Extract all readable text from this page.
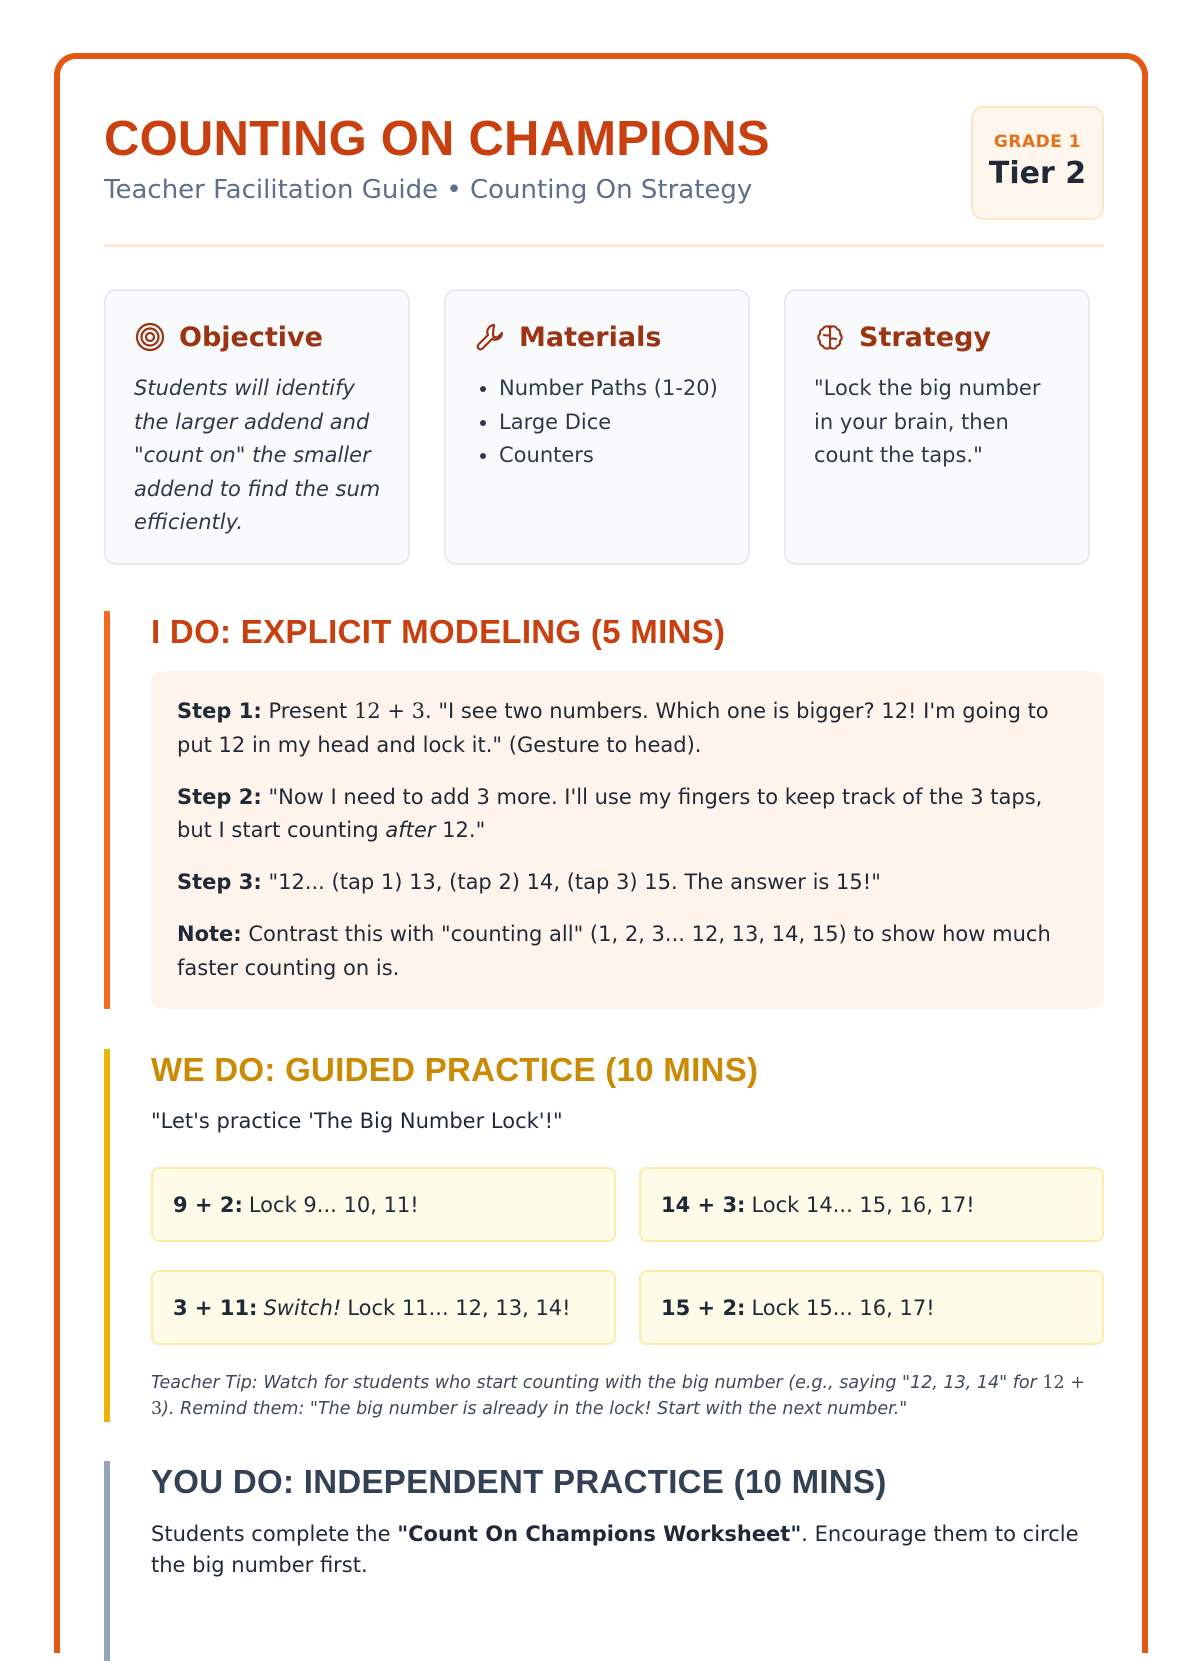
COUNTING ON CHAMPIONS
Teacher Facilitation Guide • Counting On Strategy
GRADE 1
Tier 2
Objective
Students will identify the larger addend and "count on" the smaller addend to find the sum efficiently.
Materials
• Number Paths (1-20)
• Large Dice
• Counters
Strategy
"Lock the big number in your brain, then count the taps."
I DO: EXPLICIT MODELING (5 MINS)
Step 1: Present 12 + 3. "I see two numbers. Which one is bigger? 12! I'm going to put 12 in my head and lock it." (Gesture to head).
Step 2: "Now I need to add 3 more. I'll use my fingers to keep track of the 3 taps, but I start counting after 12."
Step 3: "12... (tap 1) 13, (tap 2) 14, (tap 3) 15. The answer is 15!"
Note: Contrast this with "counting all" (1, 2, 3... 12, 13, 14, 15) to show how much faster counting on is.
WE DO: GUIDED PRACTICE (10 MINS)
"Let's practice 'The Big Number Lock'!"
9 + 2: Lock 9... 10, 11!	14 + 3: Lock 14... 15, 16, 17!
3 + 11: Switch! Lock 11... 12, 13, 14!	15 + 2: Lock 15... 16, 17!
Teacher Tip: Watch for students who start counting with the big number (e.g., saying "12, 13, 14" for 12 + 3). Remind them: "The big number is already in the lock! Start with the next number."
YOU DO: INDEPENDENT PRACTICE (10 MINS)
Students complete the "Count On Champions Worksheet". Encourage them to circle the big number first.
